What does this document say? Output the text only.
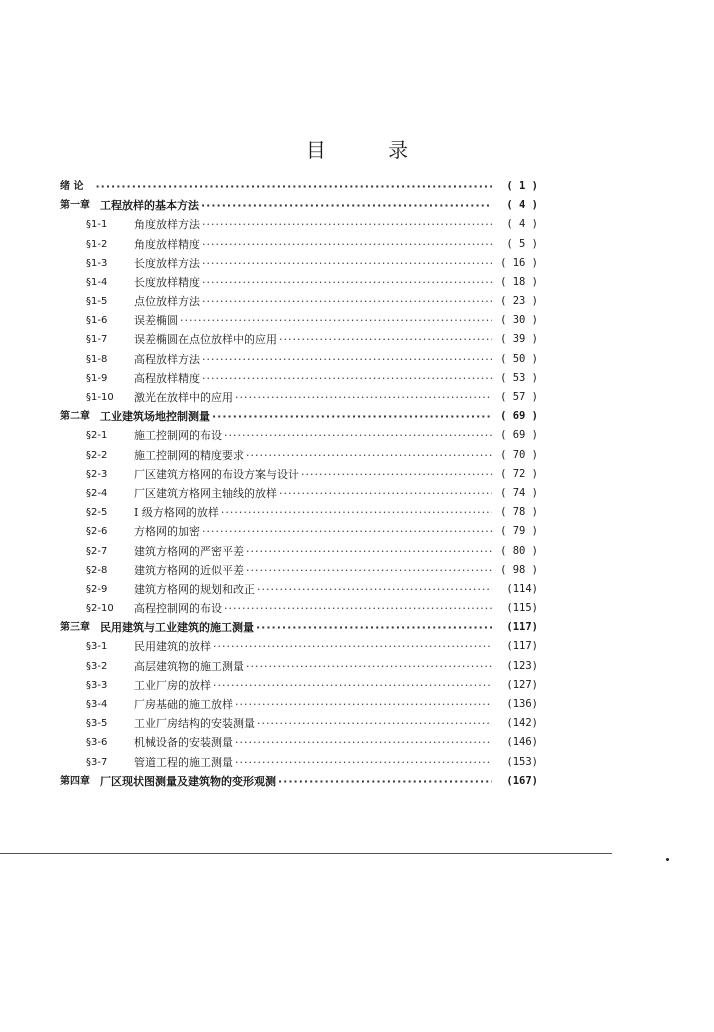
目 录
绪 论 ·····	( 1 )
第一章 工程放样的基本方法 ·····	( 4 )
§1-1	角度放样方法 ·····	( 4 )
§1-2	角度放样精度 ·····	( 5 )
§1-3	长度放样方法 ·····	( 16 )
§1-4	长度放样精度 ·····	( 18 )
§1-5	点位放样方法 ·····	( 23 )
§1-6	误差椭圆 ·····	( 30 )
§1-7	误差椭圆在点位放样中的应用 ·····	( 39 )
§1-8	高程放样方法 ·····	( 50 )
§1-9	高程放样精度 ·····	( 53 )
§1-10	激光在放样中的应用 ·····	( 57 )
第二章 工业建筑场地控制测量 ·····	( 69 )
§2-1	施工控制网的布设 ·····	( 69 )
§2-2	施工控制网的精度要求 ·····	( 70 )
§2-3	厂区建筑方格网的布设方案与设计 ·····	( 72 )
§2-4	厂区建筑方格网主轴线的放样 ·····	( 74 )
§2-5	I 级方格网的放样 ·····	( 78 )
§2-6	方格网的加密 ·····	( 79 )
§2-7	建筑方格网的严密平差 ·····	( 80 )
§2-8	建筑方格网的近似平差 ·····	( 98 )
§2-9	建筑方格网的规划和改正 ·····	(114)
§2-10	高程控制网的布设 ·····	(115)
第三章 民用建筑与工业建筑的施工测量 ·····	(117)
§3-1	民用建筑的放样 ·····	(117)
§3-2	高层建筑物的施工测量 ·····	(123)
§3-3	工业厂房的放样 ·····	(127)
§3-4	厂房基础的施工放样 ·····	(136)
§3-5	工业厂房结构的安装测量 ·····	(142)
§3-6	机械设备的安装测量 ·····	(146)
§3-7	管道工程的施工测量 ·····	(153)
第四章 厂区现状图测量及建筑物的变形观测 ·····	(167)
